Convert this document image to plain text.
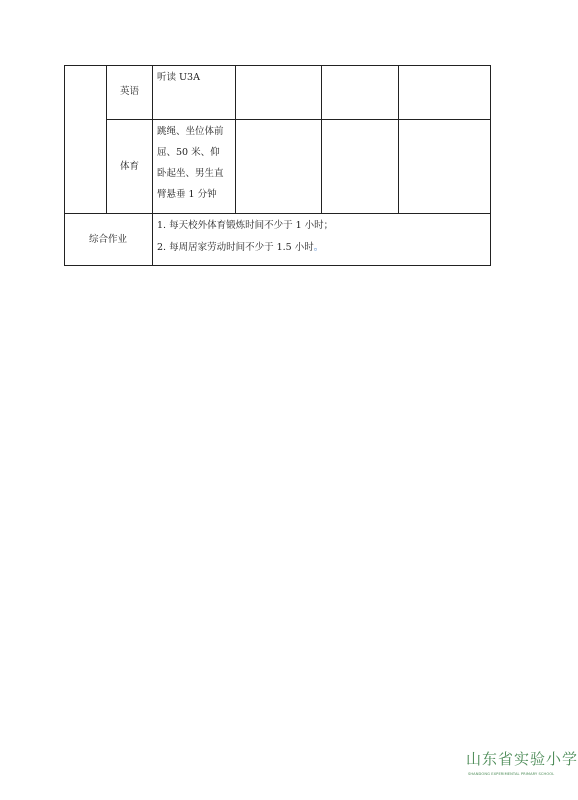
英语
听读 U3A
体育
跳绳、坐位体前
屈、50 米、仰
卧起坐、男生直
臂悬垂 1 分钟
综合作业
1. 每天校外体育锻炼时间不少于 1 小时；
2. 每周居家劳动时间不少于 1.5 小时。
山东省实验小学
SHANDONG EXPERIMENTAL PRIMARY SCHOOL
